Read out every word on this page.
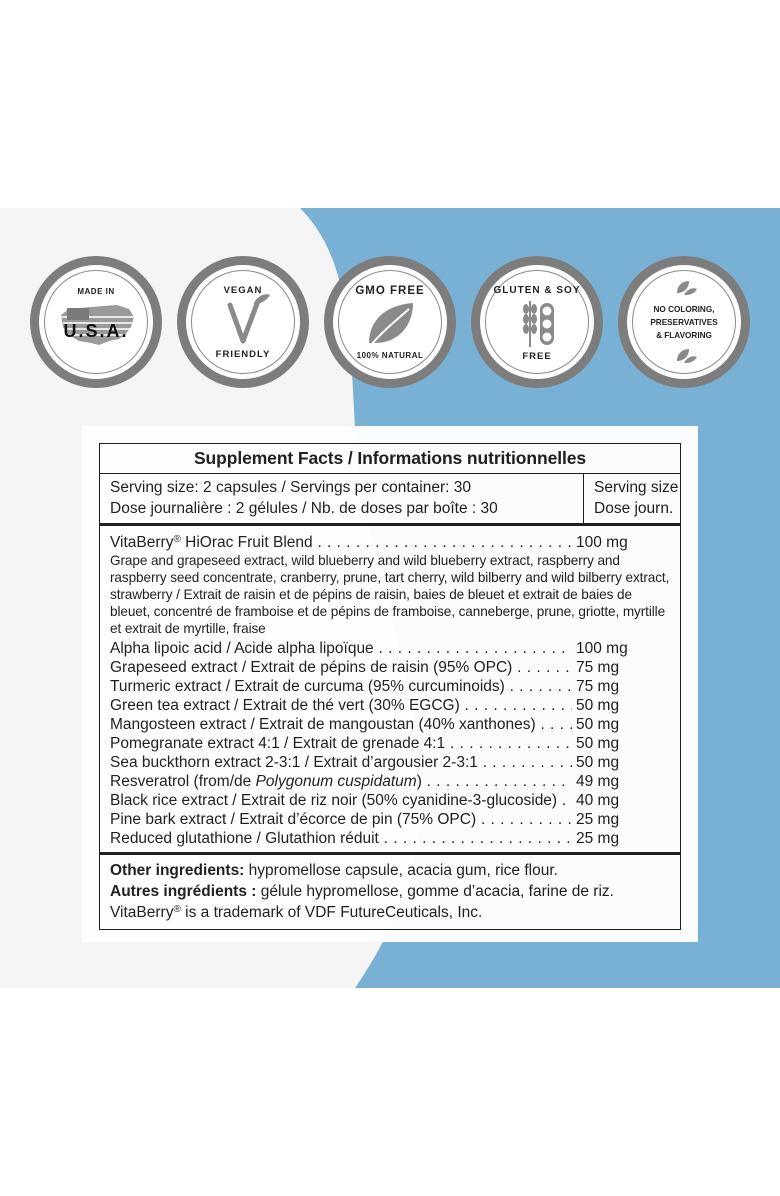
MADE IN
U.S.A.
VEGAN
FRIENDLY
GMO FREE
100% NATURAL
GLUTEN & SOY
FREE
NO COLORING,
PRESERVATIVES
& FLAVORING
Supplement Facts / Informations nutritionnelles
Serving size: 2 capsules / Servings per container: 30
Dose journalière : 2 gélules / Nb. de doses par boîte : 30
Serving size
Dose journ.
VitaBerry® HiOrac Fruit Blend . . .	100 mg
Grape and grapeseed extract, wild blueberry and wild blueberry extract, raspberry and raspberry seed concentrate, cranberry, prune, tart cherry, wild bilberry and wild bilberry extract, strawberry / Extrait de raisin et de pépins de raisin, baies de bleuet et extrait de baies de bleuet, concentré de framboise et de pépins de framboise, canneberge, prune, griotte, myrtille et extrait de myrtille, fraise
Alpha lipoic acid / Acide alpha lipoïque . . .	100 mg
Grapeseed extract / Extrait de pépins de raisin (95% OPC) . . .	75 mg
Turmeric extract / Extrait de curcuma (95% curcuminoids) . . .	75 mg
Green tea extract / Extrait de thé vert (30% EGCG) . . .	50 mg
Mangosteen extract / Extrait de mangoustan (40% xanthones) . . .	50 mg
Pomegranate extract 4:1 / Extrait de grenade 4:1 . . .	50 mg
Sea buckthorn extract 2-3:1 / Extrait d’argousier 2-3:1 . . .	50 mg
Resveratrol (from/de Polygonum cuspidatum) . . .	49 mg
Black rice extract / Extrait de riz noir (50% cyanidine-3-glucoside) . . .	40 mg
Pine bark extract / Extrait d’écorce de pin (75% OPC) . . .	25 mg
Reduced glutathione / Glutathion réduit . . .	25 mg
Other ingredients: hypromellose capsule, acacia gum, rice flour.
Autres ingrédients : gélule hypromellose, gomme d’acacia, farine de riz. VitaBerry® is a trademark of VDF FutureCeuticals, Inc.
